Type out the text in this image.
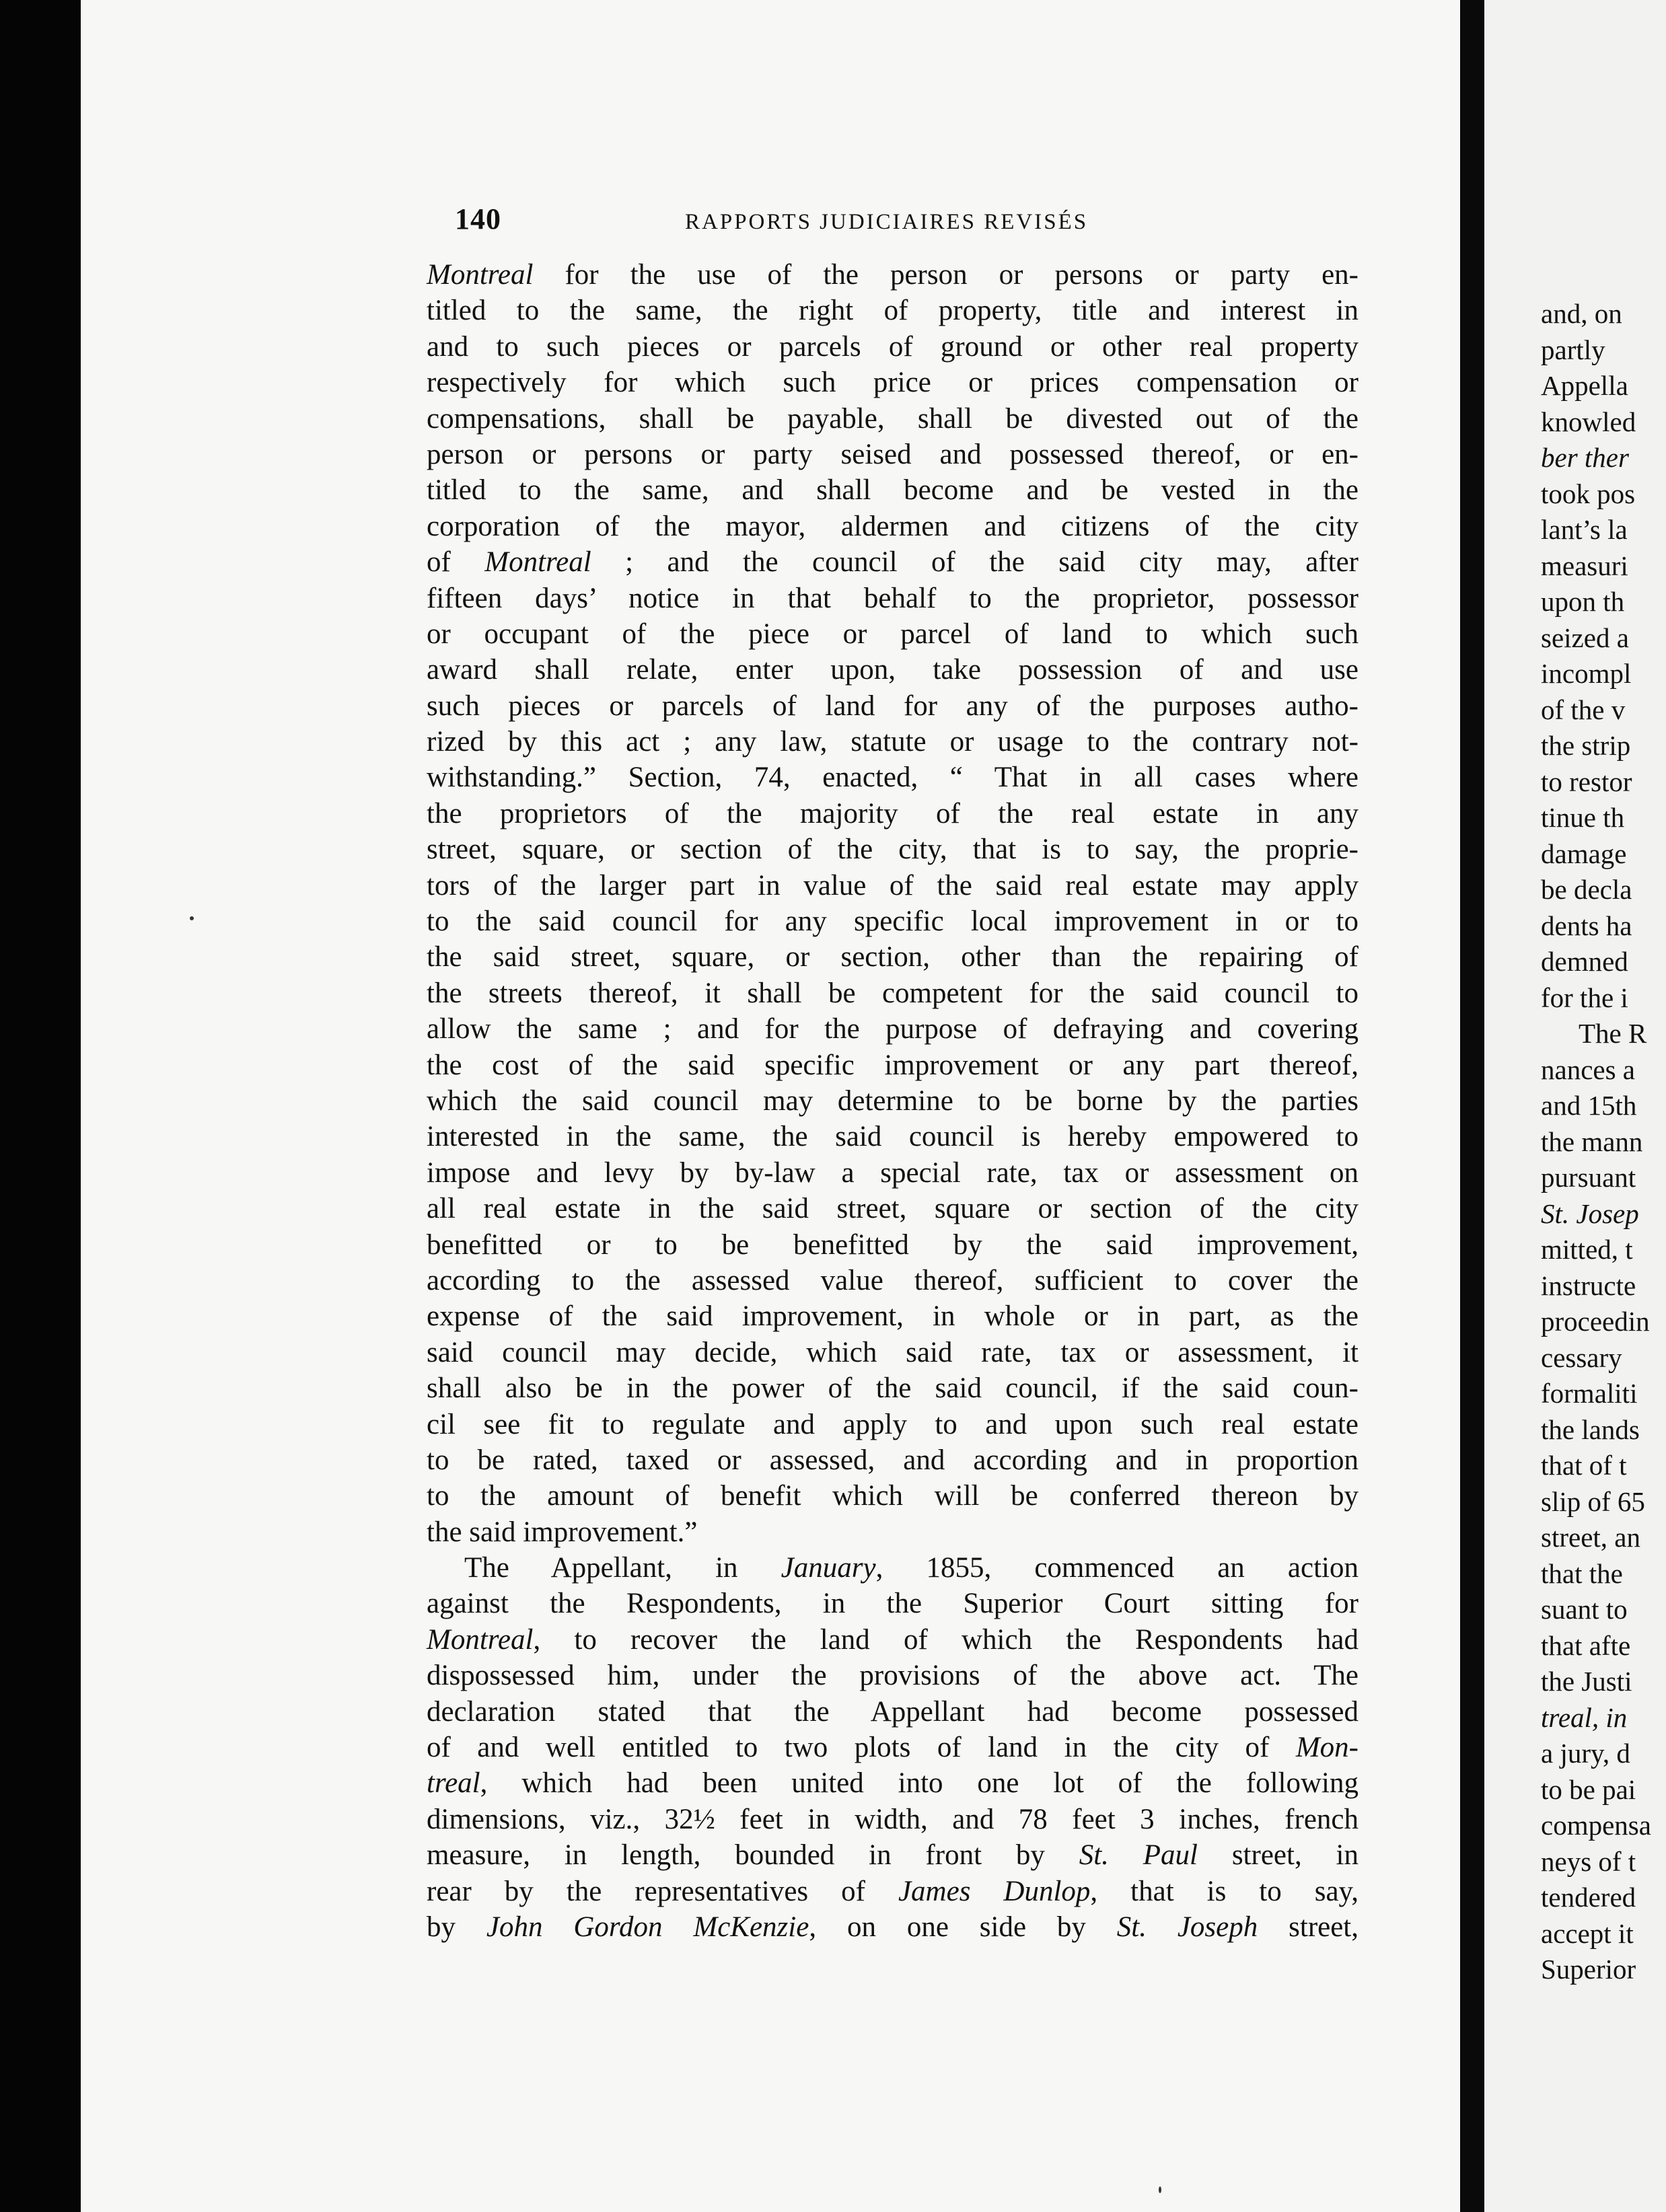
140	RAPPORTS JUDICIAIRES REVISÉS
Montreal for the use of the person or persons or party en-
titled to the same, the right of property, title and interest in
and to such pieces or parcels of ground or other real property
respectively for which such price or prices compensation or
compensations, shall be payable, shall be divested out of the
person or persons or party seised and possessed thereof, or en-
titled to the same, and shall become and be vested in the
corporation of the mayor, aldermen and citizens of the city
of Montreal ; and the council of the said city may, after
fifteen days’ notice in that behalf to the proprietor, possessor
or occupant of the piece or parcel of land to which such
award shall relate, enter upon, take possession of and use
such pieces or parcels of land for any of the purposes autho-
rized by this act ; any law, statute or usage to the contrary not-
withstanding.” Section, 74, enacted, “ That in all cases where
the proprietors of the majority of the real estate in any
street, square, or section of the city, that is to say, the proprie-
tors of the larger part in value of the said real estate may apply
to the said council for any specific local improvement in or to
the said street, square, or section, other than the repairing of
the streets thereof, it shall be competent for the said council to
allow the same ; and for the purpose of defraying and covering
the cost of the said specific improvement or any part thereof,
which the said council may determine to be borne by the parties
interested in the same, the said council is hereby empowered to
impose and levy by by-law a special rate, tax or assessment on
all real estate in the said street, square or section of the city
benefitted or to be benefitted by the said improvement,
according to the assessed value thereof, sufficient to cover the
expense of the said improvement, in whole or in part, as the
said council may decide, which said rate, tax or assessment, it
shall also be in the power of the said council, if the said coun-
cil see fit to regulate and apply to and upon such real estate
to be rated, taxed or assessed, and according and in proportion
to the amount of benefit which will be conferred thereon by
the said improvement.”
The Appellant, in January, 1855, commenced an action
against the Respondents, in the Superior Court sitting for
Montreal, to recover the land of which the Respondents had
dispossessed him, under the provisions of the above act. The
declaration stated that the Appellant had become possessed
of and well entitled to two plots of land in the city of Mon-
treal, which had been united into one lot of the following
dimensions, viz., 32½ feet in width, and 78 feet 3 inches, french
measure, in length, bounded in front by St. Paul street, in
rear by the representatives of James Dunlop, that is to say,
by John Gordon McKenzie, on one side by St. Joseph street,
and, on
partly
Appella
knowled
ber ther
took pos
lant’s la
measuri
upon th
seized a
incompl
of the v
the strip
to restor
tinue th
damage
be decla
dents ha
demned
for the i
The R
nances a
and 15th
the mann
pursuant
St. Josep
mitted, t
instructe
proceedin
cessary
formaliti
the lands
that of t
slip of 65
street, an
that the
suant to
that afte
the Justi
treal, in
a jury, d
to be pai
compensa
neys of t
tendered
accept it
Superior
